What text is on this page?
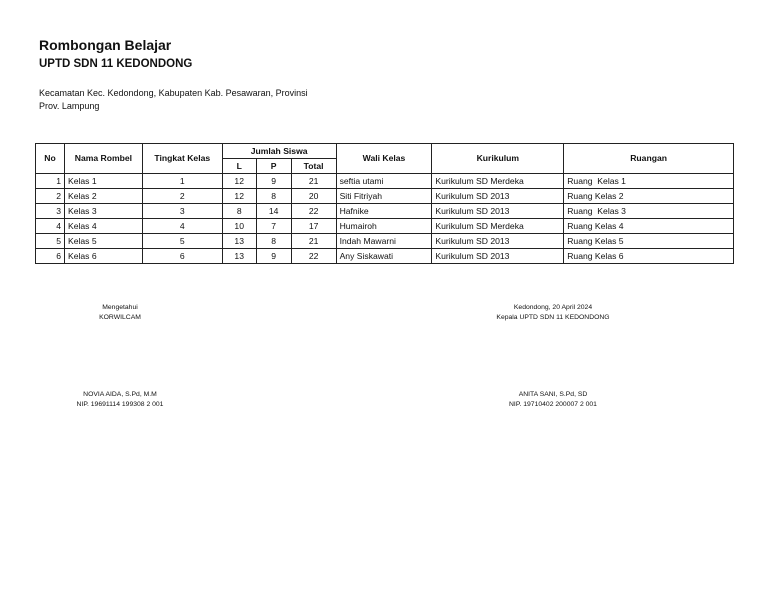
Rombongan Belajar
UPTD SDN 11 KEDONDONG
Kecamatan Kec. Kedondong, Kabupaten Kab. Pesawaran, Provinsi
Prov. Lampung
No	Nama Rombel	Tingkat Kelas	Jumlah Siswa			Wali Kelas	Kurikulum	Ruangan
			L	P	Total			
1	Kelas 1	1	12	9	21	seftia utami	Kurikulum SD Merdeka	Ruang  Kelas 1
2	Kelas 2	2	12	8	20	Siti Fitriyah	Kurikulum SD 2013	Ruang Kelas 2
3	Kelas 3	3	8	14	22	Hafnike	Kurikulum SD 2013	Ruang  Kelas 3
4	Kelas 4	4	10	7	17	Humairoh	Kurikulum SD Merdeka	Ruang Kelas 4
5	Kelas 5	5	13	8	21	Indah Mawarni	Kurikulum SD 2013	Ruang Kelas 5
6	Kelas 6	6	13	9	22	Any Siskawati	Kurikulum SD 2013	Ruang Kelas 6
Mengetahui
KORWILCAM
NOVIA AIDA, S.Pd, M.M
NIP. 19691114 199308 2 001
Kedondong, 20 April 2024
Kepala UPTD SDN 11 KEDONDONG
ANITA SANI, S.Pd, SD
NIP. 19710402 200007 2 001
